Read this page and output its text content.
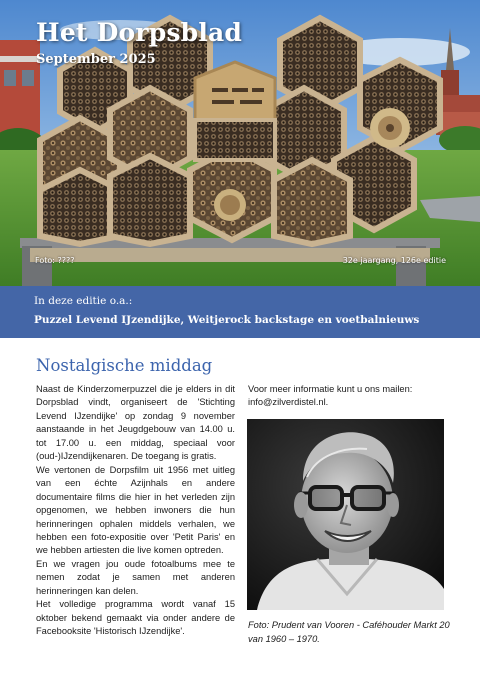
Het Dorpsblad
September 2025
Foto: ????	32e jaargang, 126e editie
In deze editie o.a.:
Puzzel Levend IJzendijke, Weitjerock backstage en voetbalnieuws
Nostalgische middag

Naast de Kinderzomerpuzzel die je elders in dit Dorpsblad vindt, organiseert de 'Stichting Levend IJzendijke' op zondag 9 november aanstaande in het Jeugdgebouw van 14.00 u. tot 17.00 u. een middag, speciaal voor (oud-)IJzendijkenaren. De toegang is gratis.

We vertonen de Dorpsfilm uit 1956 met uitleg van een échte Azijnhals en andere documentaire films die hier in het verleden zijn opgenomen, we hebben inwoners die hun herinneringen ophalen middels verhalen, we hebben een foto-expositie over 'Petit Paris' en we hebben artiesten die live komen optreden.

En we vragen jou oude fotoalbums mee te nemen zodat je samen met anderen herinneringen kan delen.

Het volledige programma wordt vanaf 15 oktober bekend gemaakt via onder andere de Facebooksite 'Historisch IJzendijke'.

Voor meer informatie kunt u ons mailen: info@zilverdistel.nl.

Foto: Prudent van Vooren - Caféhouder Markt 20 van 1960 – 1970.
